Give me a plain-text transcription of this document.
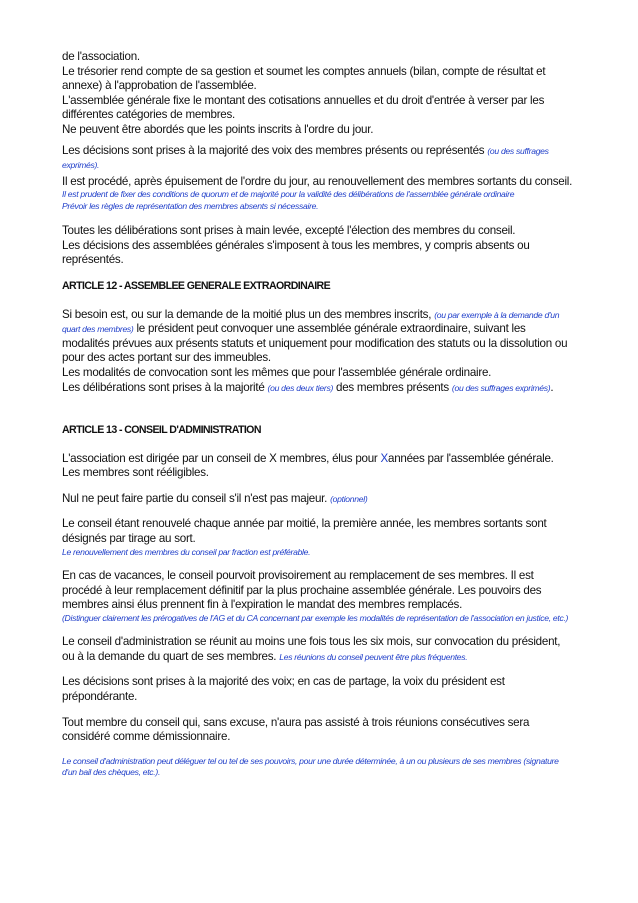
de l'association.
Le trésorier rend compte de sa gestion et soumet les comptes annuels (bilan, compte de résultat et annexe) à l'approbation de l'assemblée.
L'assemblée générale fixe le montant des cotisations annuelles et du droit d'entrée à verser par les différentes catégories de membres.
Ne peuvent être abordés que les points inscrits à l'ordre du jour.

Les décisions sont prises à la majorité des voix des membres présents ou représentés (ou des suffrages exprimés).

Il est procédé, après épuisement de l'ordre du jour, au renouvellement des membres sortants du conseil.
Il est prudent de fixer des conditions de quorum et de majorité pour la validité des délibérations de l'assemblée générale ordinaire
Prévoir les règles de représentation des membres absents si nécessaire.

Toutes les délibérations sont prises à main levée, excepté l'élection des membres du conseil.
Les décisions des assemblées générales s'imposent à tous les membres, y compris absents ou représentés.

ARTICLE 12 - ASSEMBLEE GENERALE EXTRAORDINAIRE

Si besoin est, ou sur la demande de la moitié plus un des membres inscrits, (ou par exemple à la demande d'un quart des membres) le président peut convoquer une assemblée générale extraordinaire, suivant les modalités prévues aux présents statuts et uniquement pour modification des statuts ou la dissolution ou pour des actes portant sur des immeubles.
Les modalités de convocation sont les mêmes que pour l'assemblée générale ordinaire.
Les délibérations sont prises à la majorité (ou des deux tiers) des membres présents (ou des suffrages exprimés).

ARTICLE 13 - CONSEIL D'ADMINISTRATION

L'association est dirigée par un conseil de X membres, élus pour Xannées par l'assemblée générale. Les membres sont rééligibles.

Nul ne peut faire partie du conseil s'il n'est pas majeur. (optionnel)

Le conseil étant renouvelé chaque année par moitié, la première année, les membres sortants sont désignés par tirage au sort.
Le renouvellement des membres du conseil par fraction est préférable.

En cas de vacances, le conseil pourvoit provisoirement au remplacement de ses membres. Il est procédé à leur remplacement définitif par la plus prochaine assemblée générale. Les pouvoirs des membres ainsi élus prennent fin à l'expiration le mandat des membres remplacés.
(Distinguer clairement les prérogatives de l'AG et du CA concernant par exemple les modalités de représentation de l'association en justice, etc.)

Le conseil d'administration se réunit au moins une fois tous les six mois, sur convocation du président, ou à la demande du quart de ses membres. Les réunions du conseil peuvent être plus fréquentes.

Les décisions sont prises à la majorité des voix; en cas de partage, la voix du président est prépondérante.

Tout membre du conseil qui, sans excuse, n'aura pas assisté à trois réunions consécutives sera considéré comme démissionnaire.

Le conseil d'administration peut déléguer tel ou tel de ses pouvoirs, pour une durée déterminée, à un ou plusieurs de ses membres (signature d'un bail des chèques, etc.).
